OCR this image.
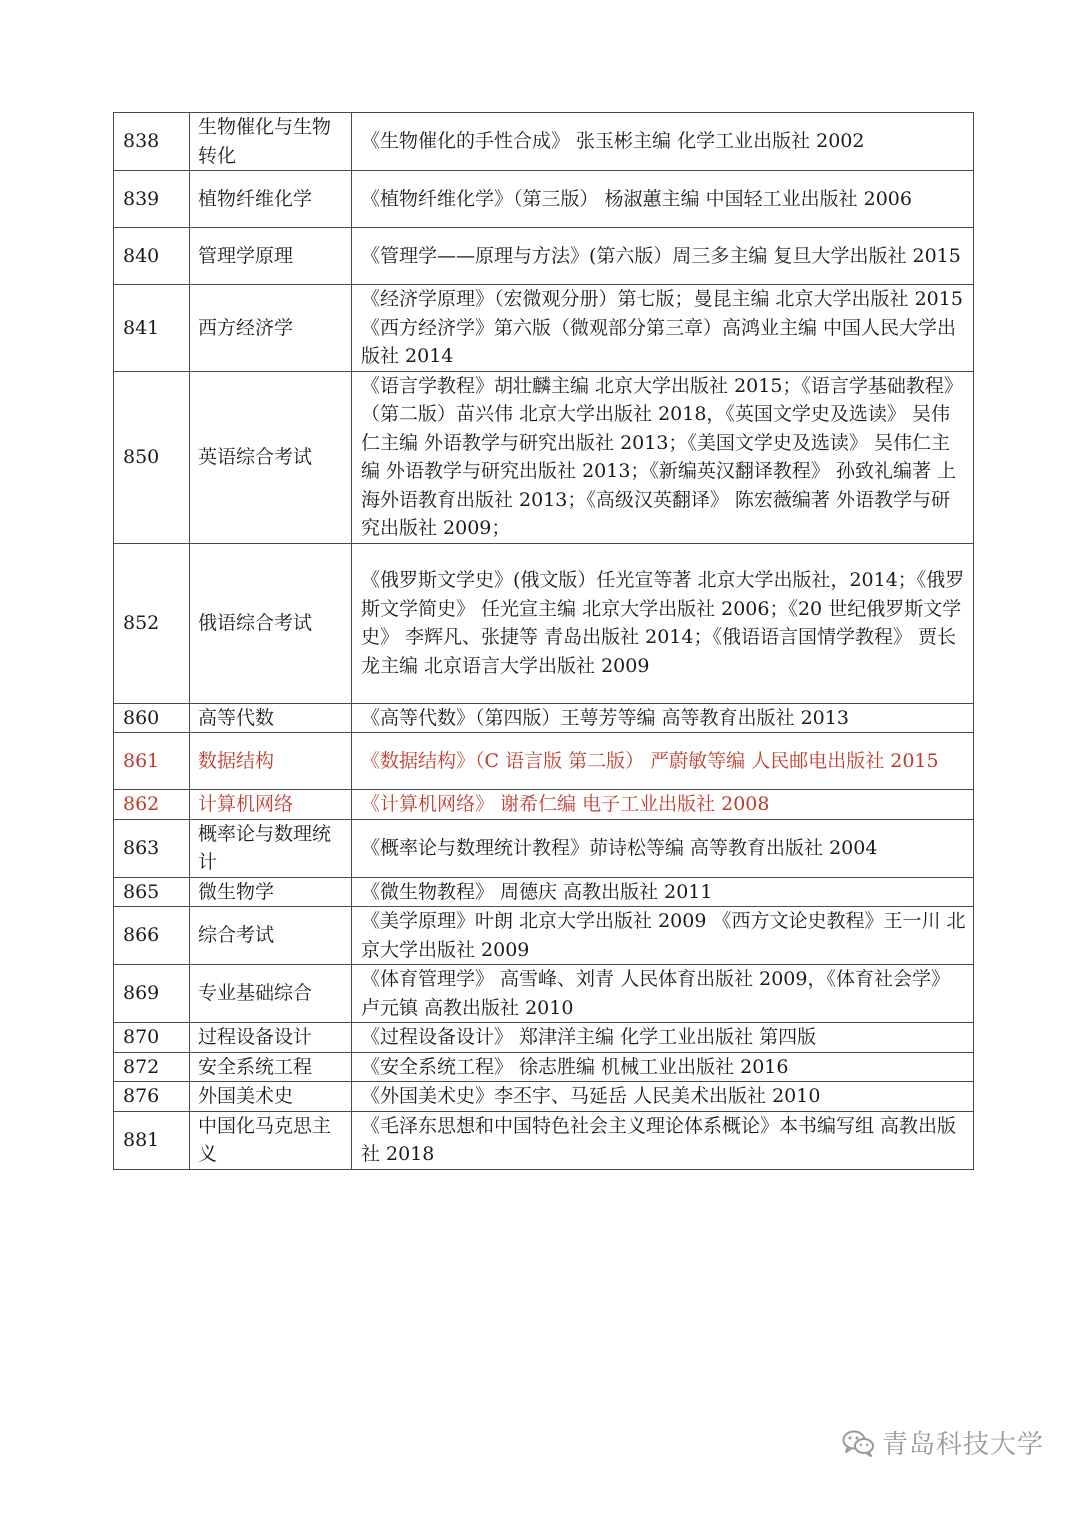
838	生物催化与生物转化	《生物催化的手性合成》 张玉彬主编 化学工业出版社 2002
839	植物纤维化学	《植物纤维化学》（第三版） 杨淑蕙主编 中国轻工业出版社 2006
840	管理学原理	《管理学——原理与方法》(第六版）周三多主编 复旦大学出版社 2015
841	西方经济学	《经济学原理》（宏微观分册）第七版；曼昆主编 北京大学出版社 2015 《西方经济学》第六版（微观部分第三章）高鸿业主编 中国人民大学出版社 2014
850	英语综合考试	《语言学教程》胡壮麟主编 北京大学出版社 2015；《语言学基础教程》（第二版）苗兴伟 北京大学出版社 2018，《英国文学史及选读》 吴伟仁主编 外语教学与研究出版社 2013；《美国文学史及选读》 吴伟仁主编 外语教学与研究出版社 2013；《新编英汉翻译教程》 孙致礼编著 上海外语教育出版社 2013；《高级汉英翻译》 陈宏薇编著 外语教学与研究出版社 2009；
852	俄语综合考试	《俄罗斯文学史》(俄文版）任光宣等著 北京大学出版社，2014；《俄罗斯文学简史》 任光宣主编 北京大学出版社 2006；《20 世纪俄罗斯文学史》 李辉凡、张捷等 青岛出版社 2014；《俄语语言国情学教程》 贾长龙主编 北京语言大学出版社 2009
860	高等代数	《高等代数》（第四版）王萼芳等编 高等教育出版社 2013
861	数据结构	《数据结构》（C 语言版 第二版） 严蔚敏等编 人民邮电出版社 2015
862	计算机网络	《计算机网络》 谢希仁编 电子工业出版社 2008
863	概率论与数理统计	《概率论与数理统计教程》茆诗松等编 高等教育出版社 2004
865	微生物学	《微生物教程》 周德庆 高教出版社 2011
866	综合考试	《美学原理》叶朗 北京大学出版社 2009 《西方文论史教程》王一川 北京大学出版社 2009
869	专业基础综合	《体育管理学》 高雪峰、刘青 人民体育出版社 2009，《体育社会学》 卢元镇 高教出版社 2010
870	过程设备设计	《过程设备设计》 郑津洋主编 化学工业出版社 第四版
872	安全系统工程	《安全系统工程》 徐志胜编 机械工业出版社 2016
876	外国美术史	《外国美术史》李丕宇、马延岳 人民美术出版社 2010
881	中国化马克思主义	《毛泽东思想和中国特色社会主义理论体系概论》本书编写组 高教出版社 2018
青岛科技大学
